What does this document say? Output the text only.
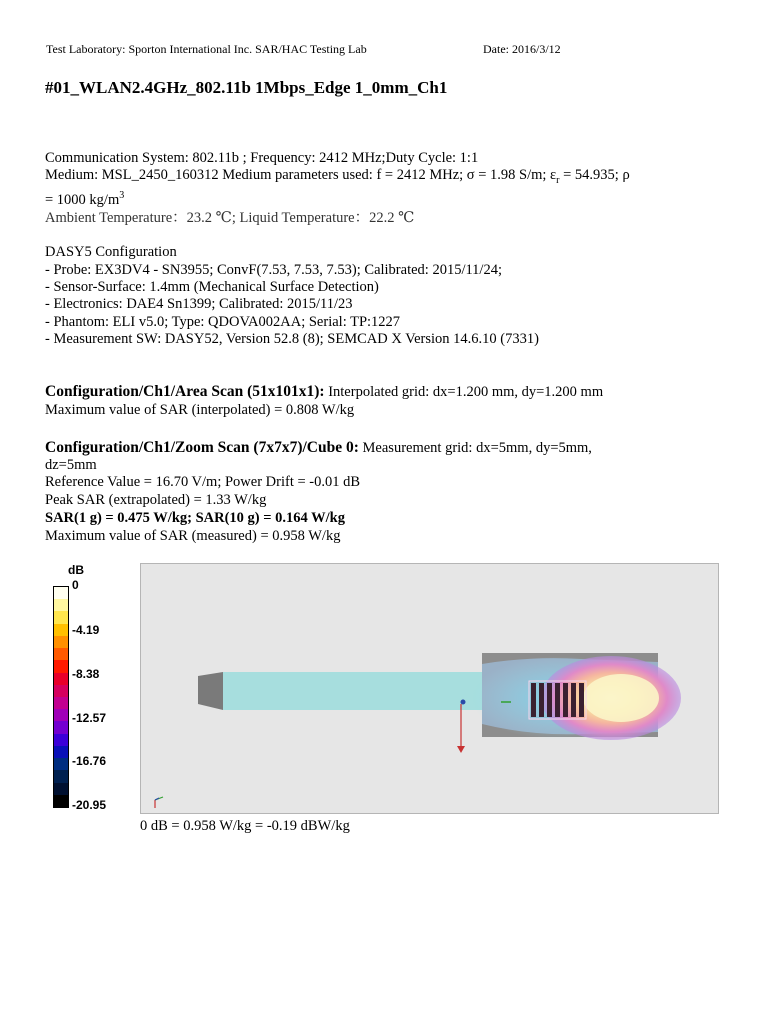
Test Laboratory: Sporton International Inc. SAR/HAC Testing Lab	Date: 2016/3/12
#01_WLAN2.4GHz_802.11b 1Mbps_Edge 1_0mm_Ch1
Communication System: 802.11b ; Frequency: 2412 MHz;Duty Cycle: 1:1
Medium: MSL_2450_160312 Medium parameters used: f = 2412 MHz; σ = 1.98 S/m; $\varepsilon_r = 54.935$; ρ
= 1000 $kg/m^3$
Ambient Temperature：23.2 ℃; Liquid Temperature：22.2 ℃
DASY5 Configuration
- Probe: EX3DV4 - SN3955; ConvF(7.53, 7.53, 7.53); Calibrated: 2015/11/24;
- Sensor-Surface: 1.4mm (Mechanical Surface Detection)
- Electronics: DAE4 Sn1399; Calibrated: 2015/11/23
- Phantom: ELI v5.0; Type: QDOVA002AA; Serial: TP:1227
- Measurement SW: DASY52, Version 52.8 (8); SEMCAD X Version 14.6.10 (7331)
Configuration/Ch1/Area Scan (51x101x1): Interpolated grid: dx=1.200 mm, dy=1.200 mm
Maximum value of SAR (interpolated) = 0.808 W/kg
Configuration/Ch1/Zoom Scan (7x7x7)/Cube 0: Measurement grid: dx=5mm, dy=5mm,
dz=5mm
Reference Value = 16.70 V/m; Power Drift = -0.01 dB
Peak SAR (extrapolated) = 1.33 W/kg
SAR(1 g) = 0.475 W/kg; SAR(10 g) = 0.164 W/kg
Maximum value of SAR (measured) = 0.958 W/kg
dB
0
-4.19
-8.38
-12.57
-16.76
-20.95
0 dB = 0.958 W/kg = -0.19 dBW/kg
